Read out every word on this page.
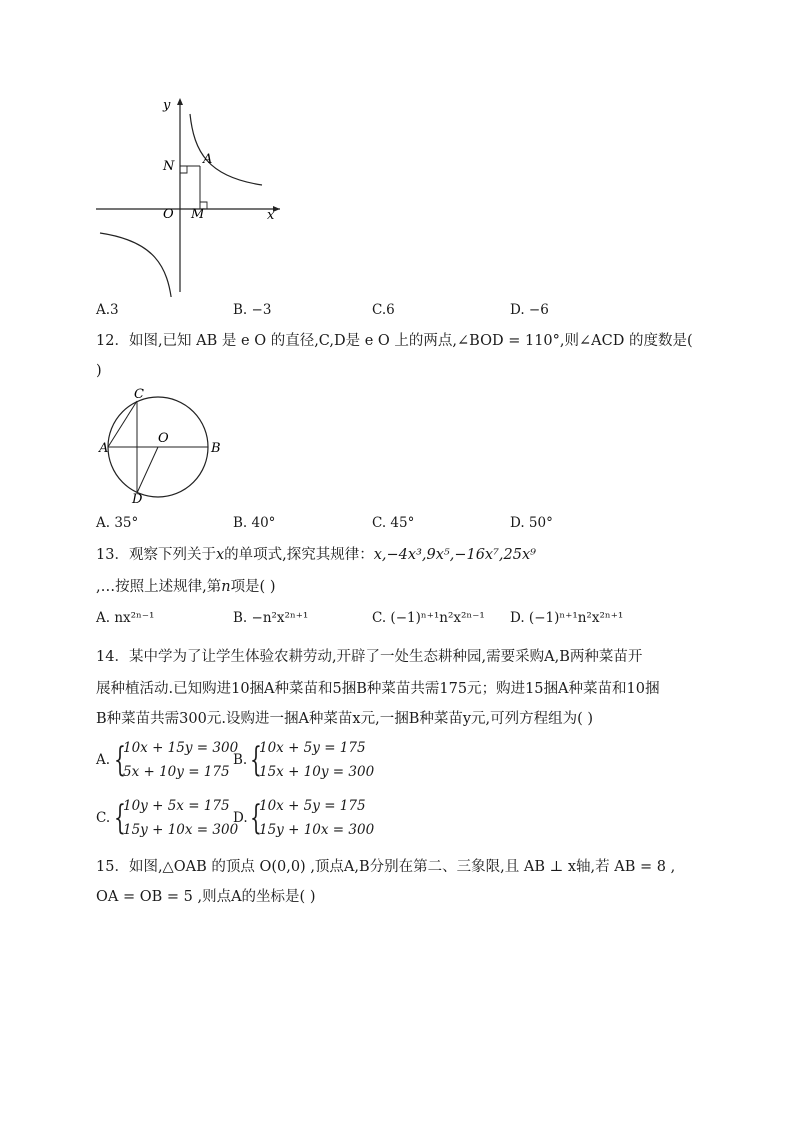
y
x
N A
O M
A.3	B. −3	C.6	D. −6
12．如图,已知 AB 是 e O 的直径,C,D是 e O 上的两点,∠BOD = 110°,则∠ACD 的度数是(
)
C
A
O
B
D
A. 35°	B. 40°	C. 45°	D. 50°
13．观察下列关于x的单项式,探究其规律：x,−4x³,9x⁵,−16x⁷,25x⁹
,…按照上述规律,第n项是( )
A. nx²ⁿ⁻¹	B. −n²x²ⁿ⁺¹	C. (−1)ⁿ⁺¹n²x²ⁿ⁻¹ D. (−1)ⁿ⁺¹n²x²ⁿ⁺¹
14．某中学为了让学生体验农耕劳动,开辟了一处生态耕种园,需要采购A,B两种菜苗开
展种植活动.已知购进10捆A种菜苗和5捆B种菜苗共需175元；购进15捆A种菜苗和10捆
B种菜苗共需300元.设购进一捆A种菜苗x元,一捆B种菜苗y元,可列方程组为( )
A. {
10x + 15y = 300
5x + 10y = 175
B. {
10x + 5y = 175
15x + 10y = 300
C. {
10y + 5x = 175
15y + 10x = 300
D. {
10x + 5y = 175
15y + 10x = 300
15．如图,△OAB 的顶点 O(0,0) ,顶点A,B分别在第二、三象限,且 AB ⊥ x轴,若 AB = 8 ,
OA = OB = 5 ,则点A的坐标是( )
